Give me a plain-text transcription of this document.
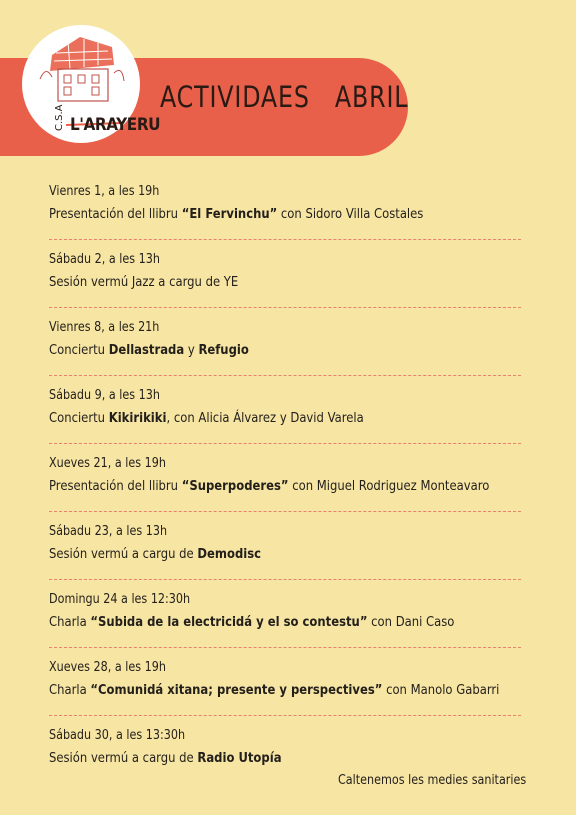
ACTIVIDAES   ABRIL
C.S.A L'ARAYERU
Vienres 1, a les 19h
Presentación del llibru “El Fervinchu” con Sidoro Villa Costales
Sábadu 2, a les 13h
Sesión vermú Jazz a cargu de YE
Vienres 8, a les 21h
Conciertu Dellastrada y Refugio
Sábadu 9, a les 13h
Conciertu Kikirikiki, con Alicia Álvarez y David Varela
Xueves 21, a les 19h
Presentación del llibru “Superpoderes” con Miguel Rodriguez Monteavaro
Sábadu 23, a les 13h
Sesión vermú a cargu de Demodisc
Domingu 24 a les 12:30h
Charla “Subida de la electricidá y el so contestu” con Dani Caso
Xueves 28, a les 19h
Charla “Comunidá xitana; presente y perspectives” con Manolo Gabarri
Sábadu 30, a les 13:30h
Sesión vermú a cargu de Radio Utopía
Caltenemos les medies sanitaries
